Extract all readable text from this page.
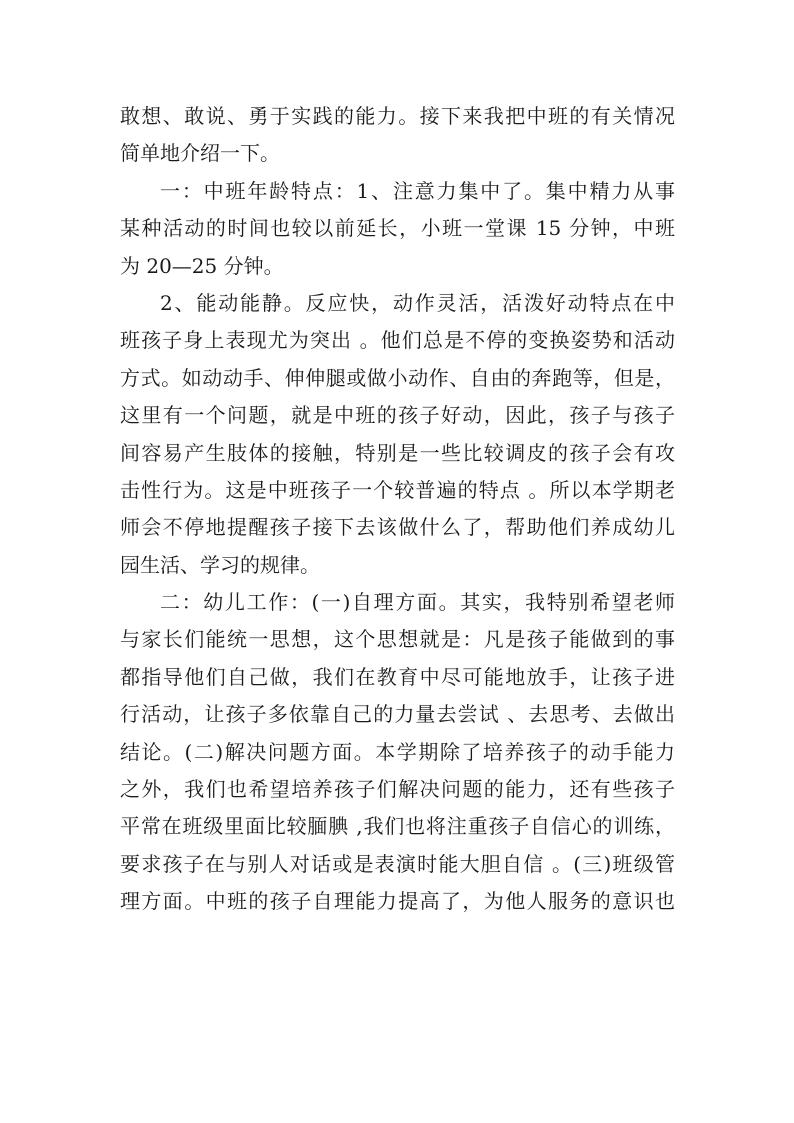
敢想、敢说、勇于实践的能力。接下来我把中班的有关情况
简单地介绍一下。
一：中班年龄特点：1、注意力集中了。集中精力从事
某种活动的时间也较以前延长，小班一堂课 15 分钟，中班
为 20—25 分钟。
2、能动能静。反应快，动作灵活，活泼好动特点在中
班孩子身上表现尤为突出 。他们总是不停的变换姿势和活动
方式。如动动手、伸伸腿或做小动作、自由的奔跑等，但是，
这里有一个问题，就是中班的孩子好动，因此，孩子与孩子
间容易产生肢体的接触，特别是一些比较调皮的孩子会有攻
击性行为。这是中班孩子一个较普遍的特点 。所以本学期老
师会不停地提醒孩子接下去该做什么了，帮助他们养成幼儿
园生活、学习的规律。
二：幼儿工作：(一)自理方面。其实，我特别希望老师
与家长们能统一思想，这个思想就是：凡是孩子能做到的事
都指导他们自己做，我们在教育中尽可能地放手，让孩子进
行活动，让孩子多依靠自己的力量去尝试 、去思考、去做出
结论。(二)解决问题方面。本学期除了培养孩子的动手能力
之外，我们也希望培养孩子们解决问题的能力，还有些孩子
平常在班级里面比较腼腆 ,我们也将注重孩子自信心的训练，
要求孩子在与别人对话或是表演时能大胆自信 。(三)班级管
理方面。中班的孩子自理能力提高了，为他人服务的意识也
